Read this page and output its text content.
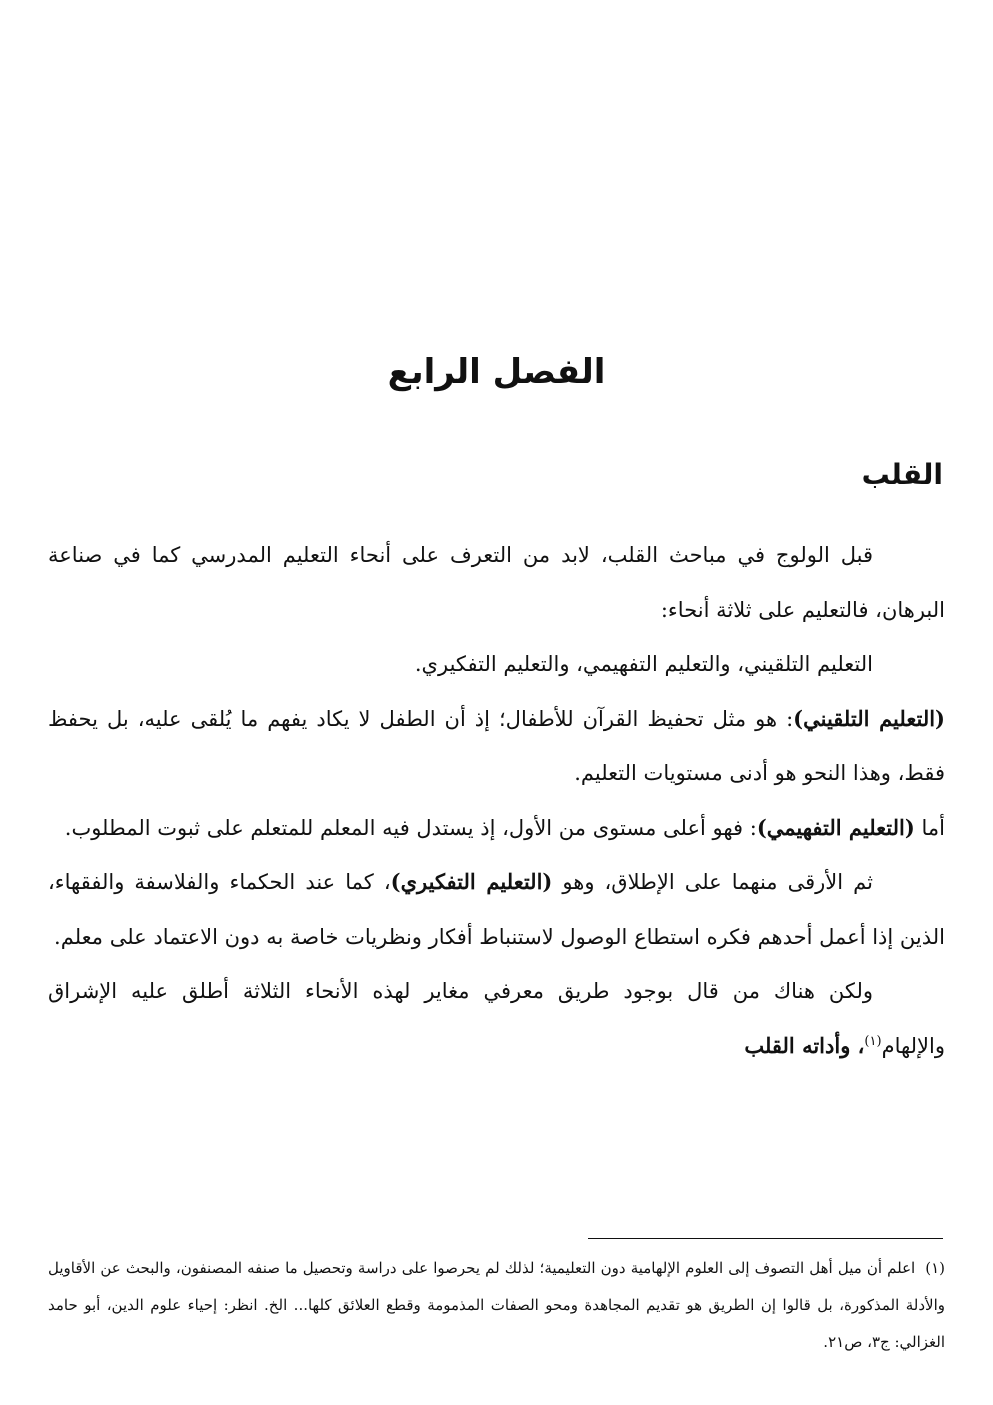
الفصل الرابع
القلب

قبل الولوج في مباحث القلب، لابد من التعرف على أنحاء التعليم المدرسي كما في صناعة البرهان، فالتعليم على ثلاثة أنحاء:

التعليم التلقيني، والتعليم التفهيمي، والتعليم التفكيري.

(التعليم التلقيني): هو مثل تحفيظ القرآن للأطفال؛ إذ أن الطفل لا يكاد يفهم ما يُلقى عليه، بل يحفظ فقط، وهذا النحو هو أدنى مستويات التعليم.

أما (التعليم التفهيمي): فهو أعلى مستوى من الأول، إذ يستدل فيه المعلم للمتعلم على ثبوت المطلوب.

ثم الأرقى منهما على الإطلاق، وهو (التعليم التفكيري)، كما عند الحكماء والفلاسفة والفقهاء، الذين إذا أعمل أحدهم فكره استطاع الوصول لاستنباط أفكار ونظريات خاصة به دون الاعتماد على معلم.

ولكن هناك من قال بوجود طريق معرفي مغاير لهذه الأنحاء الثلاثة أطلق عليه الإشراق والإلهام$^{(١)}$، وأداته القلب

(١)اعلم أن ميل أهل التصوف إلى العلوم الإلهامية دون التعليمية؛ لذلك لم يحرصوا على دراسة وتحصيل ما صنفه المصنفون، والبحث عن الأقاويل والأدلة المذكورة، بل قالوا إن الطريق هو تقديم المجاهدة ومحو الصفات المذمومة وقطع العلائق كلها... الخ. انظر: إحياء علوم الدين، أبو حامد الغزالي: ج٣، ص٢١.
